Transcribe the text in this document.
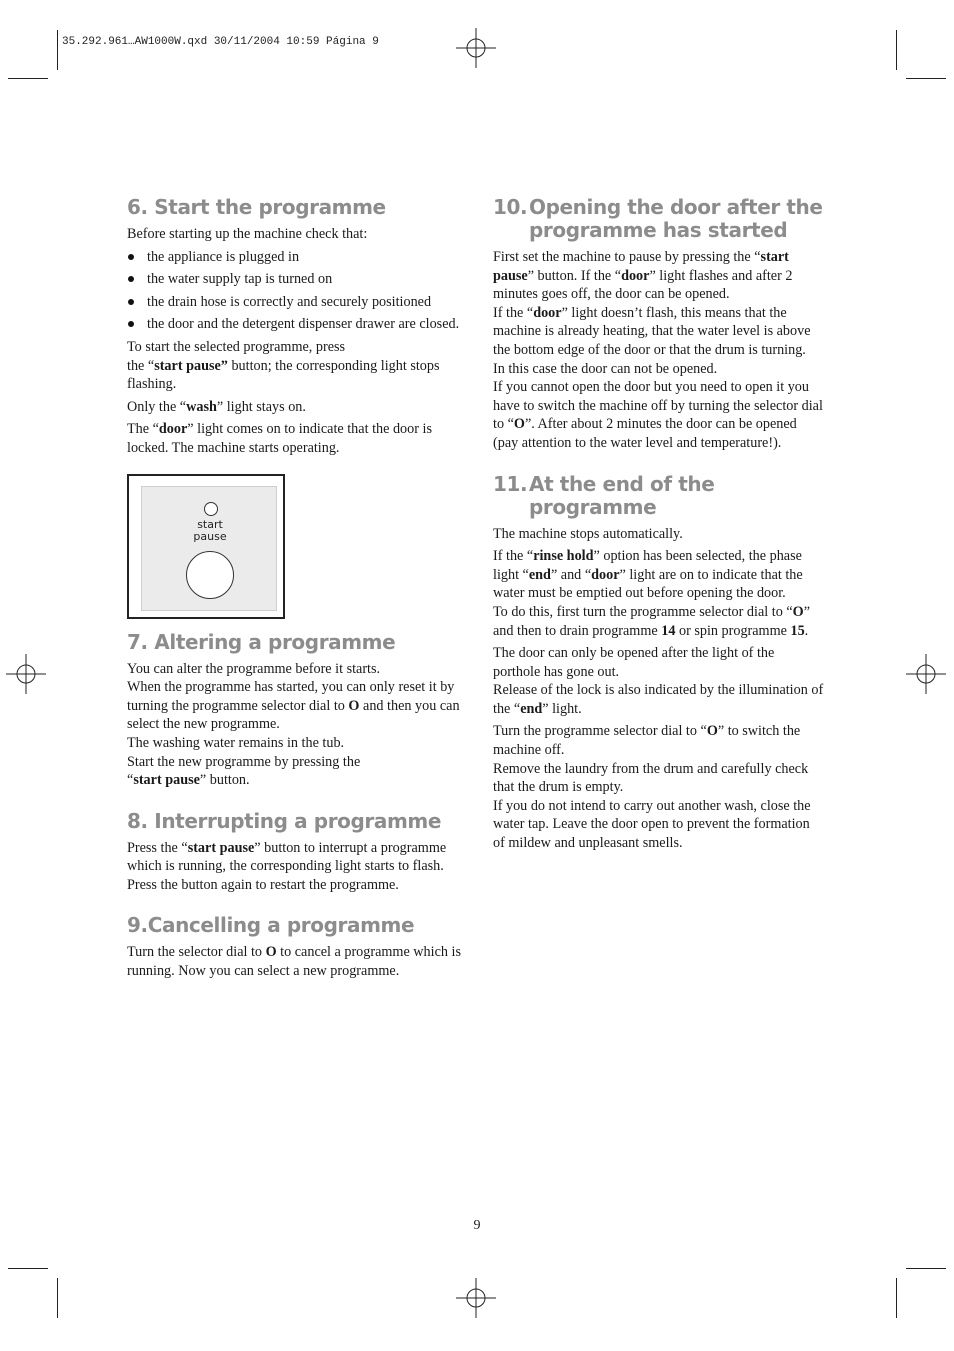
35.292.961…AW1000W.qxd 30/11/2004 10:59 Página 9
6. Start the programme

Before starting up the machine check that:

the appliance is plugged in
the water supply tap is turned on
the drain hose is correctly and securely positioned
the door and the detergent dispenser drawer are closed.

To start the selected programme, press
the “start pause” button; the corresponding light stops flashing.

Only the “wash” light stays on.

The “door” light comes on to indicate that the door is locked. The machine starts operating.

start
pause
7. Altering a programme

You can alter the programme before it starts.
When the programme has started, you can only reset it by turning the programme selector dial to O and then you can select the new programme.
The washing water remains in the tub.
Start the new programme by pressing the
“start pause” button.

8. Interrupting a programme

Press the “start pause” button to interrupt a programme which is running, the corresponding light starts to flash.
Press the button again to restart the programme.

9.Cancelling a programme

Turn the selector dial to O to cancel a programme which is running. Now you can select a new programme.

10. Opening the door after the programme has started

First set the machine to pause by pressing the “start pause” button. If the “door” light flashes and after 2 minutes goes off, the door can be opened.
If the “door” light doesn’t flash, this means that the machine is already heating, that the water level is above the bottom edge of the door or that the drum is turning.
In this case the door can not be opened.
If you cannot open the door but you need to open it you have to switch the machine off by turning the selector dial to “O”. After about 2 minutes the door can be opened (pay attention to the water level and temperature!).

11. At the end of the programme

The machine stops automatically.

If the “rinse hold” option has been selected, the phase light “end” and “door” light are on to indicate that the water must be emptied out before opening the door.
To do this, first turn the programme selector dial to “O” and then to drain programme 14 or spin programme 15.

The door can only be opened after the light of the porthole has gone out.
Release of the lock is also indicated by the illumination of the “end” light.

Turn the programme selector dial to “O” to switch the machine off.
Remove the laundry from the drum and carefully check that the drum is empty.
If you do not intend to carry out another wash, close the water tap. Leave the door open to prevent the formation of mildew and unpleasant smells.

9
